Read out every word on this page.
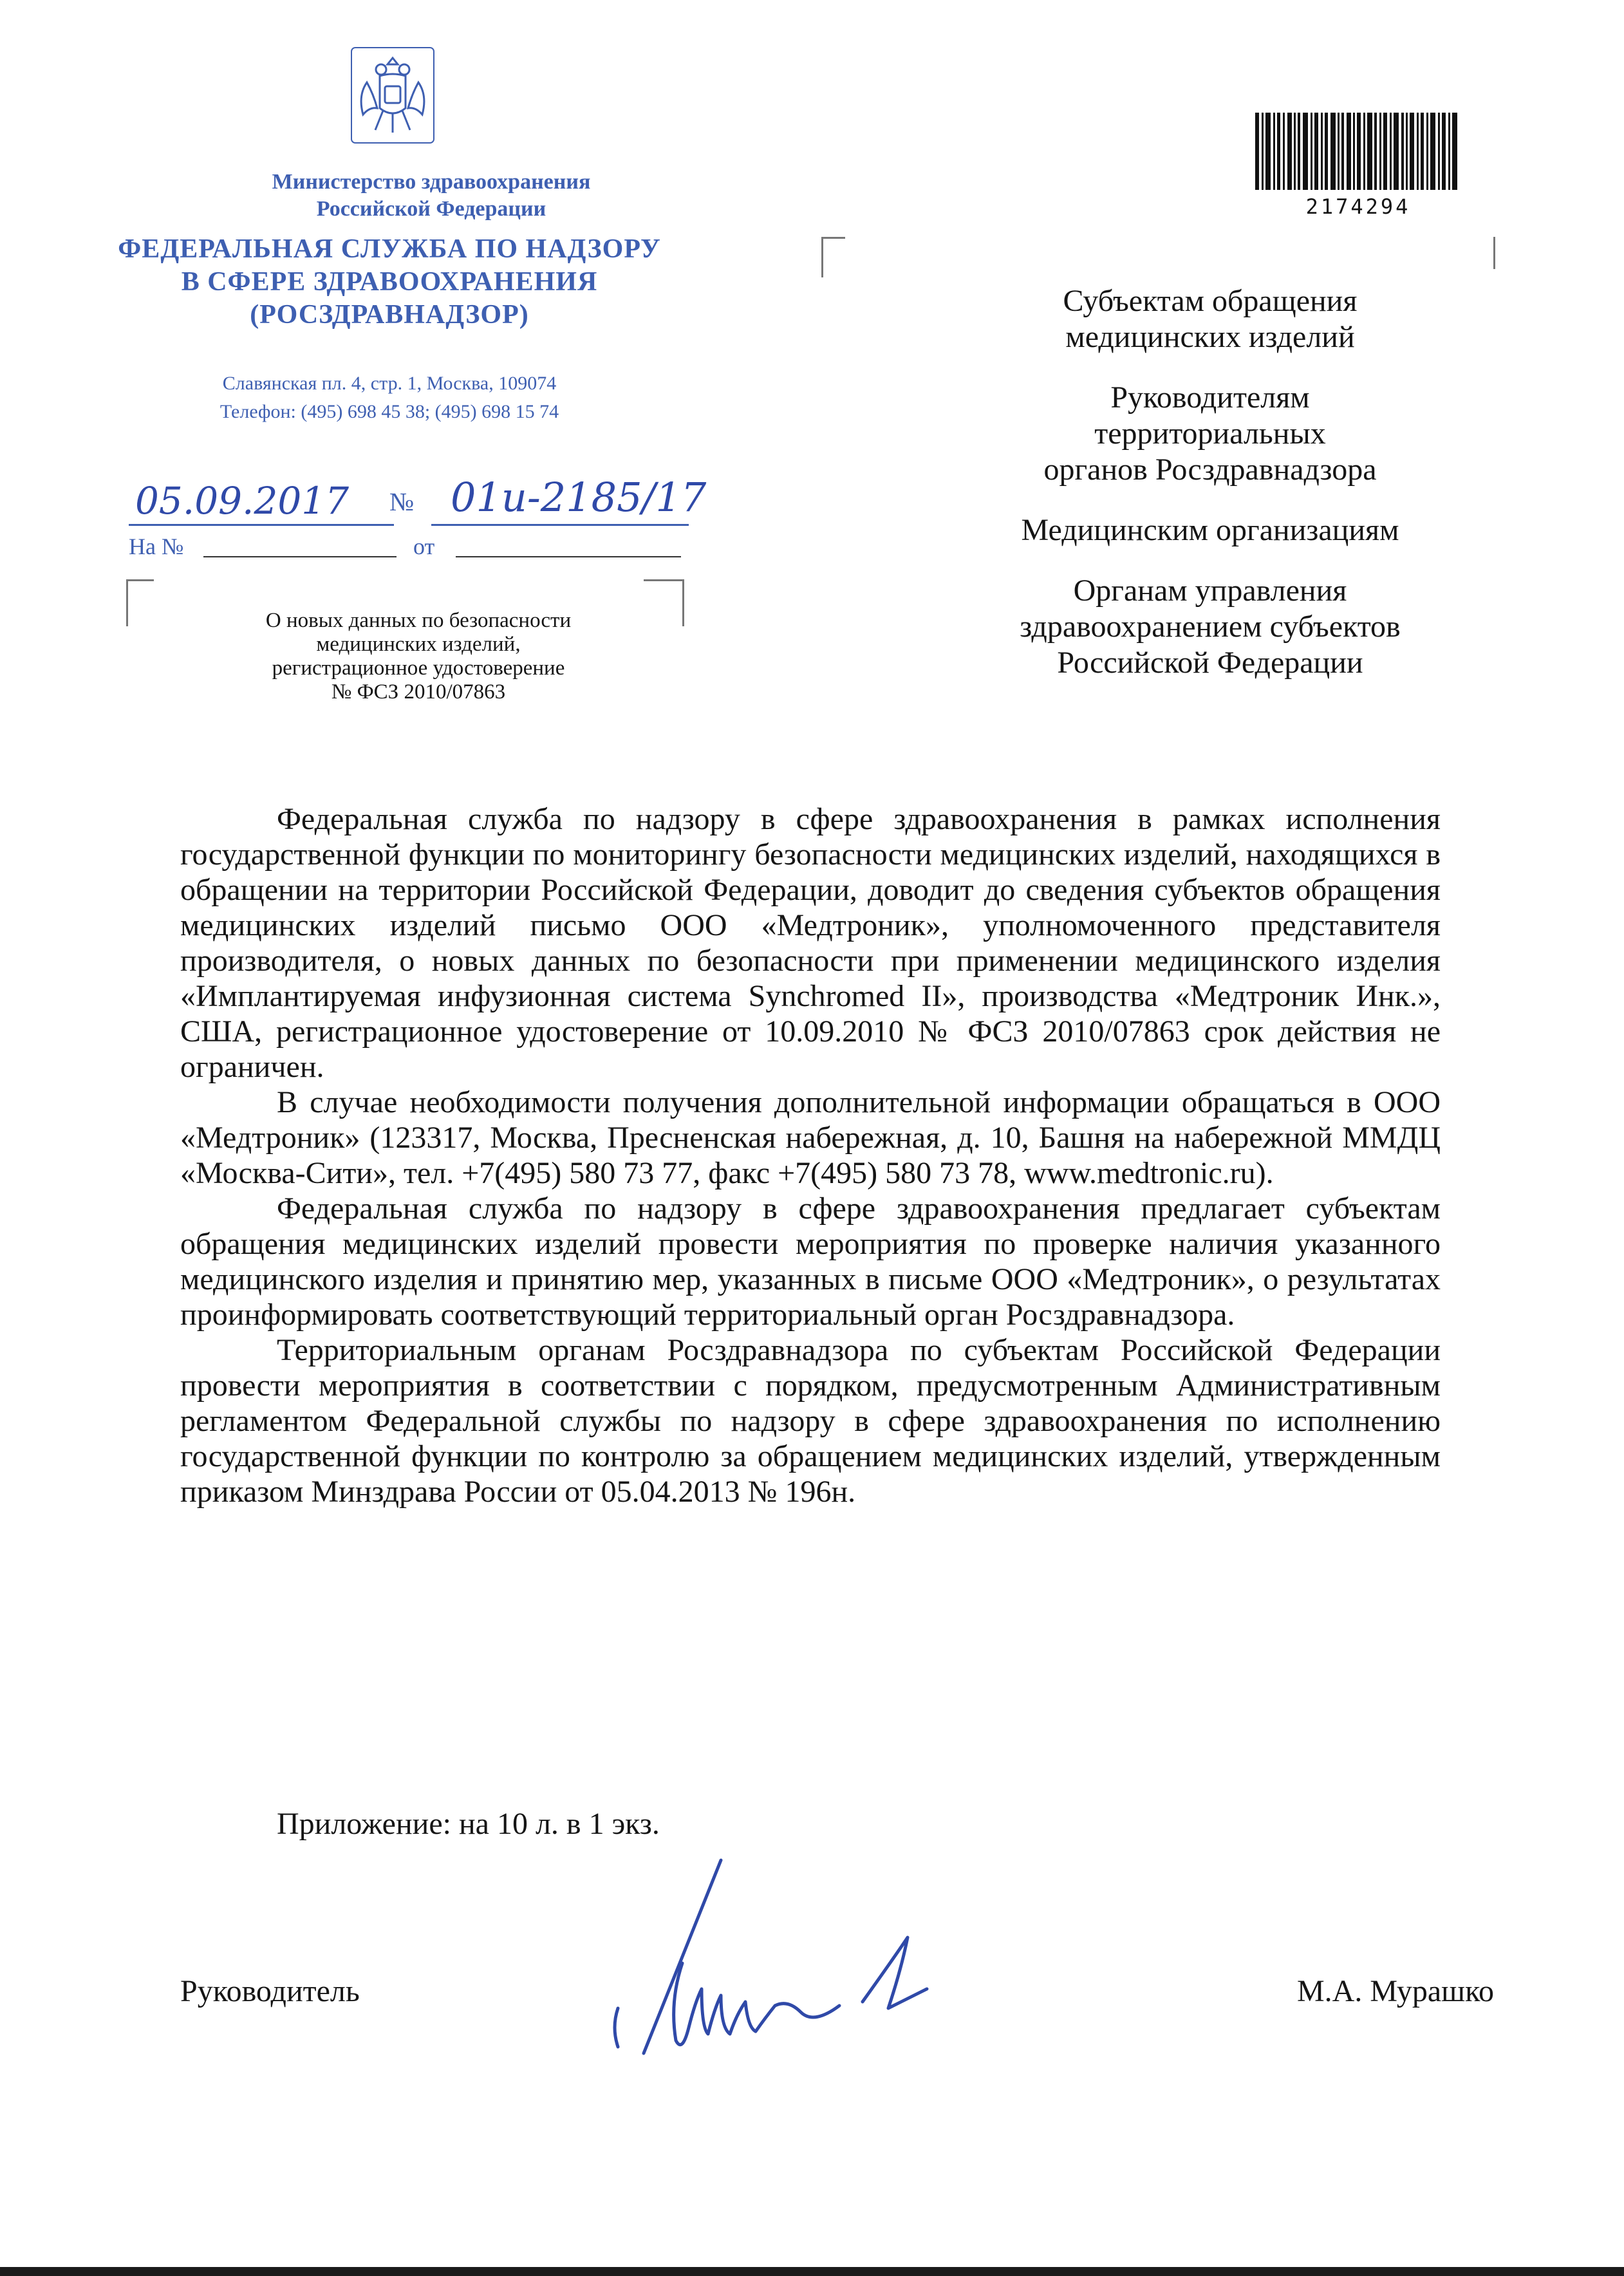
Министерство здравоохранения
Российской Федерации
ФЕДЕРАЛЬНАЯ СЛУЖБА ПО НАДЗОРУ
В СФЕРЕ ЗДРАВООХРАНЕНИЯ
(РОСЗДРАВНАДЗОР)
Славянская пл. 4, стр. 1, Москва, 109074
Телефон: (495) 698 45 38; (495) 698 15 74
05.09.2017 № 01и-2185/17
На №	от
О новых данных по безопасности
медицинских изделий,
регистрационное удостоверение
№ ФСЗ 2010/07863
2174294
Субъектам обращения
медицинских изделий
Руководителям
территориальных
органов Росздравнадзора
Медицинским организациям
Органам управления
здравоохранением субъектов
Российской Федерации

Федеральная служба по надзору в сфере здравоохранения в рамках исполнения государственной функции по мониторингу безопасности медицинских изделий, находящихся в обращении на территории Российской Федерации, доводит до сведения субъектов обращения медицинских изделий письмо ООО «Медтроник», уполномоченного представителя производителя, о новых данных по безопасности при применении медицинского изделия «Имплантируемая инфузионная система Synchromed II», производства «Медтроник Инк.», США, регистрационное удостоверение от 10.09.2010 № ФСЗ 2010/07863 срок действия не ограничен.

В случае необходимости получения дополнительной информации обращаться в ООО «Медтроник» (123317, Москва, Пресненская набережная, д. 10, Башня на набережной ММДЦ «Москва-Сити», тел. +7(495) 580 73 77, факс +7(495) 580 73 78, www.medtronic.ru).

Федеральная служба по надзору в сфере здравоохранения предлагает субъектам обращения медицинских изделий провести мероприятия по проверке наличия указанного медицинского изделия и принятию мер, указанных в письме ООО «Медтроник», о результатах проинформировать соответствующий территориальный орган Росздравнадзора.

Территориальным органам Росздравнадзора по субъектам Российской Федерации провести мероприятия в соответствии с порядком, предусмотренным Административным регламентом Федеральной службы по надзору в сфере здравоохранения по исполнению государственной функции по контролю за обращением медицинских изделий, утвержденным приказом Минздрава России от 05.04.2013 № 196н.

Приложение: на 10 л. в 1 экз.
Руководитель	М.А. Мурашко
